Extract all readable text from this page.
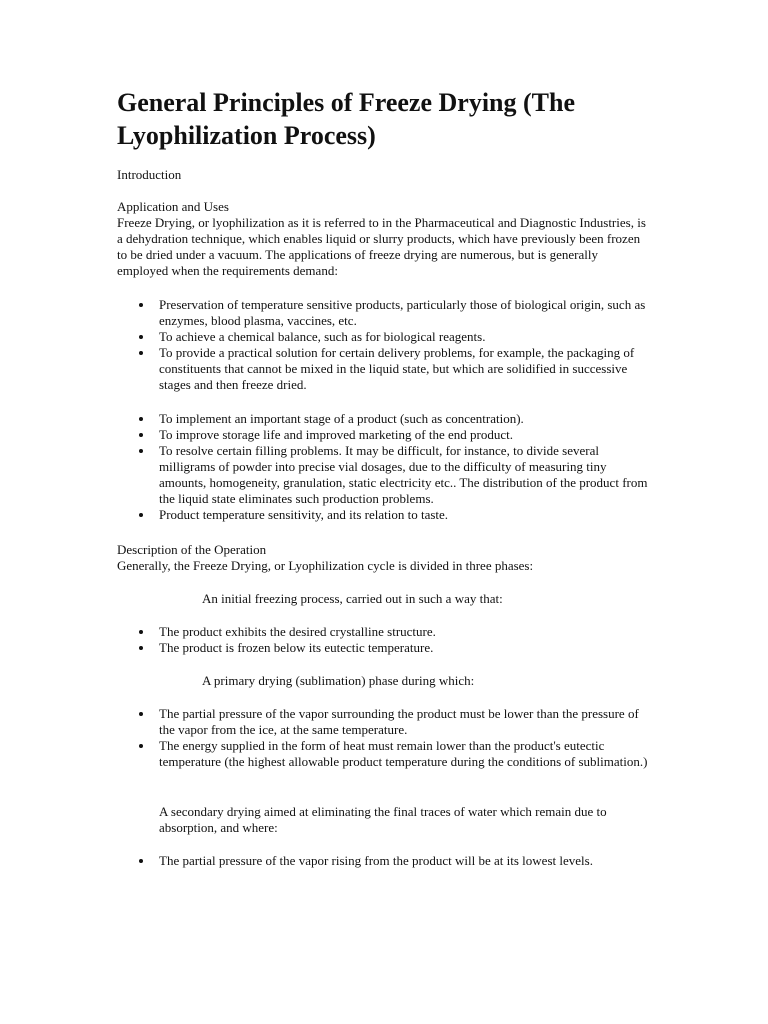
General Principles of Freeze Drying (The Lyophilization Process)

Introduction

Application and Uses

Freeze Drying, or lyophilization as it is referred to in the Pharmaceutical and Diagnostic Industries, is a dehydration technique, which enables liquid or slurry products, which have previously been frozen to be dried under a vacuum. The applications of freeze drying are numerous, but is generally employed when the requirements demand:

Preservation of temperature sensitive products, particularly those of biological origin, such as enzymes, blood plasma, vaccines, etc.
To achieve a chemical balance, such as for biological reagents.
To provide a practical solution for certain delivery problems, for example, the packaging of constituents that cannot be mixed in the liquid state, but which are solidified in successive stages and then freeze dried.
To implement an important stage of a product (such as concentration).
To improve storage life and improved marketing of the end product.
To resolve certain filling problems. It may be difficult, for instance, to divide several milligrams of powder into precise vial dosages, due to the difficulty of measuring tiny amounts, homogeneity, granulation, static electricity etc.. The distribution of the product from the liquid state eliminates such production problems.
Product temperature sensitivity, and its relation to taste.

Description of the Operation

Generally, the Freeze Drying, or Lyophilization cycle is divided in three phases:

An initial freezing process, carried out in such a way that:

The product exhibits the desired crystalline structure.
The product is frozen below its eutectic temperature.

A primary drying (sublimation) phase during which:

The partial pressure of the vapor surrounding the product must be lower than the pressure of the vapor from the ice, at the same temperature.
The energy supplied in the form of heat must remain lower than the product's eutectic temperature (the highest allowable product temperature during the conditions of sublimation.)

A secondary drying aimed at eliminating the final traces of water which remain due to absorption, and where:

The partial pressure of the vapor rising from the product will be at its lowest levels.
